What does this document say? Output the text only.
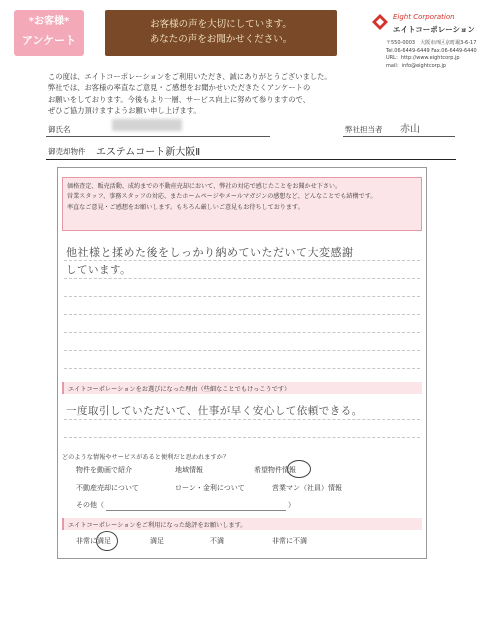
*お客様*
アンケート
お客様の声を大切にしています。
あなたの声をお聞かせください。
Eight Corporation
エイトコーポレーション
〒550-0003　大阪市西区京町堀3-6-17
Tel.06-6449-6449 Fax.06-6449-6440
URL：http://www.eightcorp.jp
mail：info@eightcorp.jp
この度は、エイトコーポレーションをご利用いただき、誠にありがとうございました。
弊社では、お客様の率直なご意見・ご感想をお聞かせいただきたくアンケートの
お願いをしております。今後もより一層、サービス向上に努めて参りますので、
ぜひご協力頂けますようお願い申し上げます。
御氏名	弊社担当者 赤山
御売却物件 エステムコート新大阪Ⅱ
価格査定、販売活動、成約までの不動産売却において、弊社の対応で感じたことをお聞かせ下さい。
営業スタッフ、事務スタッフの対応、またホームページやメールマガジンの感想など、どんなことでも結構です。
率直なご意見・ご感想をお願いします。もちろん厳しいご意見もお待ちしております。
他社様と揉めた後をしっかり納めていただいて大変感謝
しています。
エイトコーポレーションをお選びになった理由（些細なことでもけっこうです）
一度取引していただいて、仕事が早く安心して依頼できる。
どのような情報やサービスがあると便利だと思われますか？
物件を動画で紹介	地域情報	希望物件情報
不動産売却について	ローン・金利について	営業マン（社員）情報
その他（	）
エイトコーポレーションをご利用になった総評をお願いします。
非常に満足	満足	不満	非常に不満
